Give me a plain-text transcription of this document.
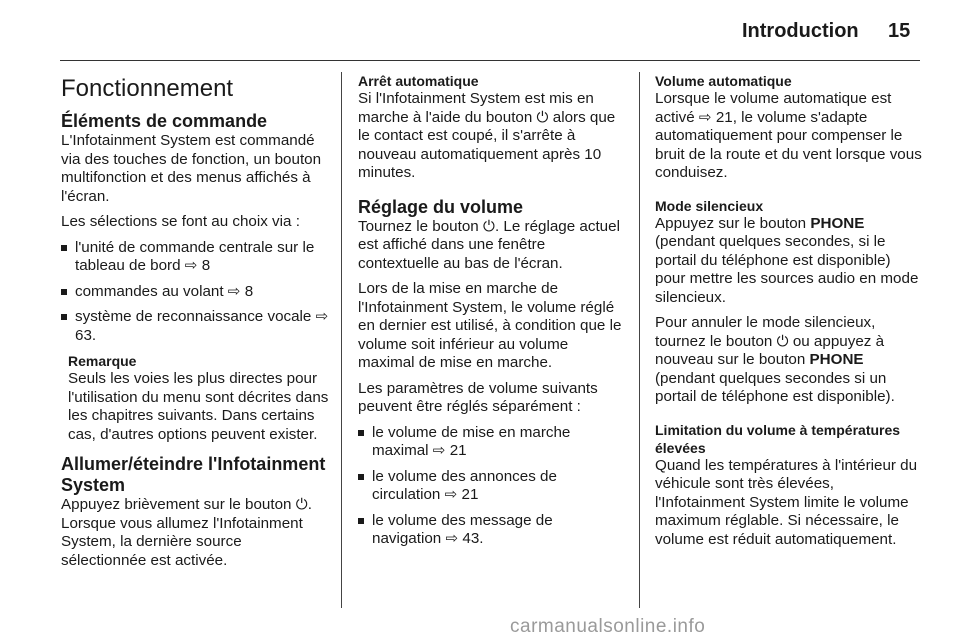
Introduction 15
Fonctionnement
Éléments de commande

L'Infotainment System est commandé via des touches de fonction, un bouton multifonction et des menus affichés à l'écran.

Les sélections se font au choix via :

l'unité de commande centrale sur le tableau de bord ⇨ 8
commandes au volant ⇨ 8
système de reconnaissance vocale ⇨ 63.
Remarque
Seuls les voies les plus directes pour l'utilisation du menu sont décrites dans les chapitres suivants. Dans certains cas, d'autres options peuvent exister.
Allumer/éteindre l'Infotainment System

Appuyez brièvement sur le bouton ⏻. Lorsque vous allumez l'Infotainment System, la dernière source sélectionnée est activée.

Arrêt automatique

Si l'Infotainment System est mis en marche à l'aide du bouton ⏻ alors que le contact est coupé, il s'arrête à nouveau automatiquement après 10 minutes.

Réglage du volume

Tournez le bouton ⏻. Le réglage actuel est affiché dans une fenêtre contextuelle au bas de l'écran.

Lors de la mise en marche de l'Infotainment System, le volume réglé en dernier est utilisé, à condition que le volume soit inférieur au volume maximal de mise en marche.

Les paramètres de volume suivants peuvent être réglés séparément :

le volume de mise en marche maximal ⇨ 21
le volume des annonces de circulation ⇨ 21
le volume des message de navigation ⇨ 43.
Volume automatique

Lorsque le volume automatique est activé ⇨ 21, le volume s'adapte automatiquement pour compenser le bruit de la route et du vent lorsque vous conduisez.

Mode silencieux

Appuyez sur le bouton PHONE (pendant quelques secondes, si le portail du téléphone est disponible) pour mettre les sources audio en mode silencieux.

Pour annuler le mode silencieux, tournez le bouton ⏻ ou appuyez à nouveau sur le bouton PHONE (pendant quelques secondes si un portail de téléphone est disponible).

Limitation du volume à températures élevées

Quand les températures à l'intérieur du véhicule sont très élevées, l'Infotainment System limite le volume maximum réglable. Si nécessaire, le volume est réduit automatiquement.

carmanualsonline.info
